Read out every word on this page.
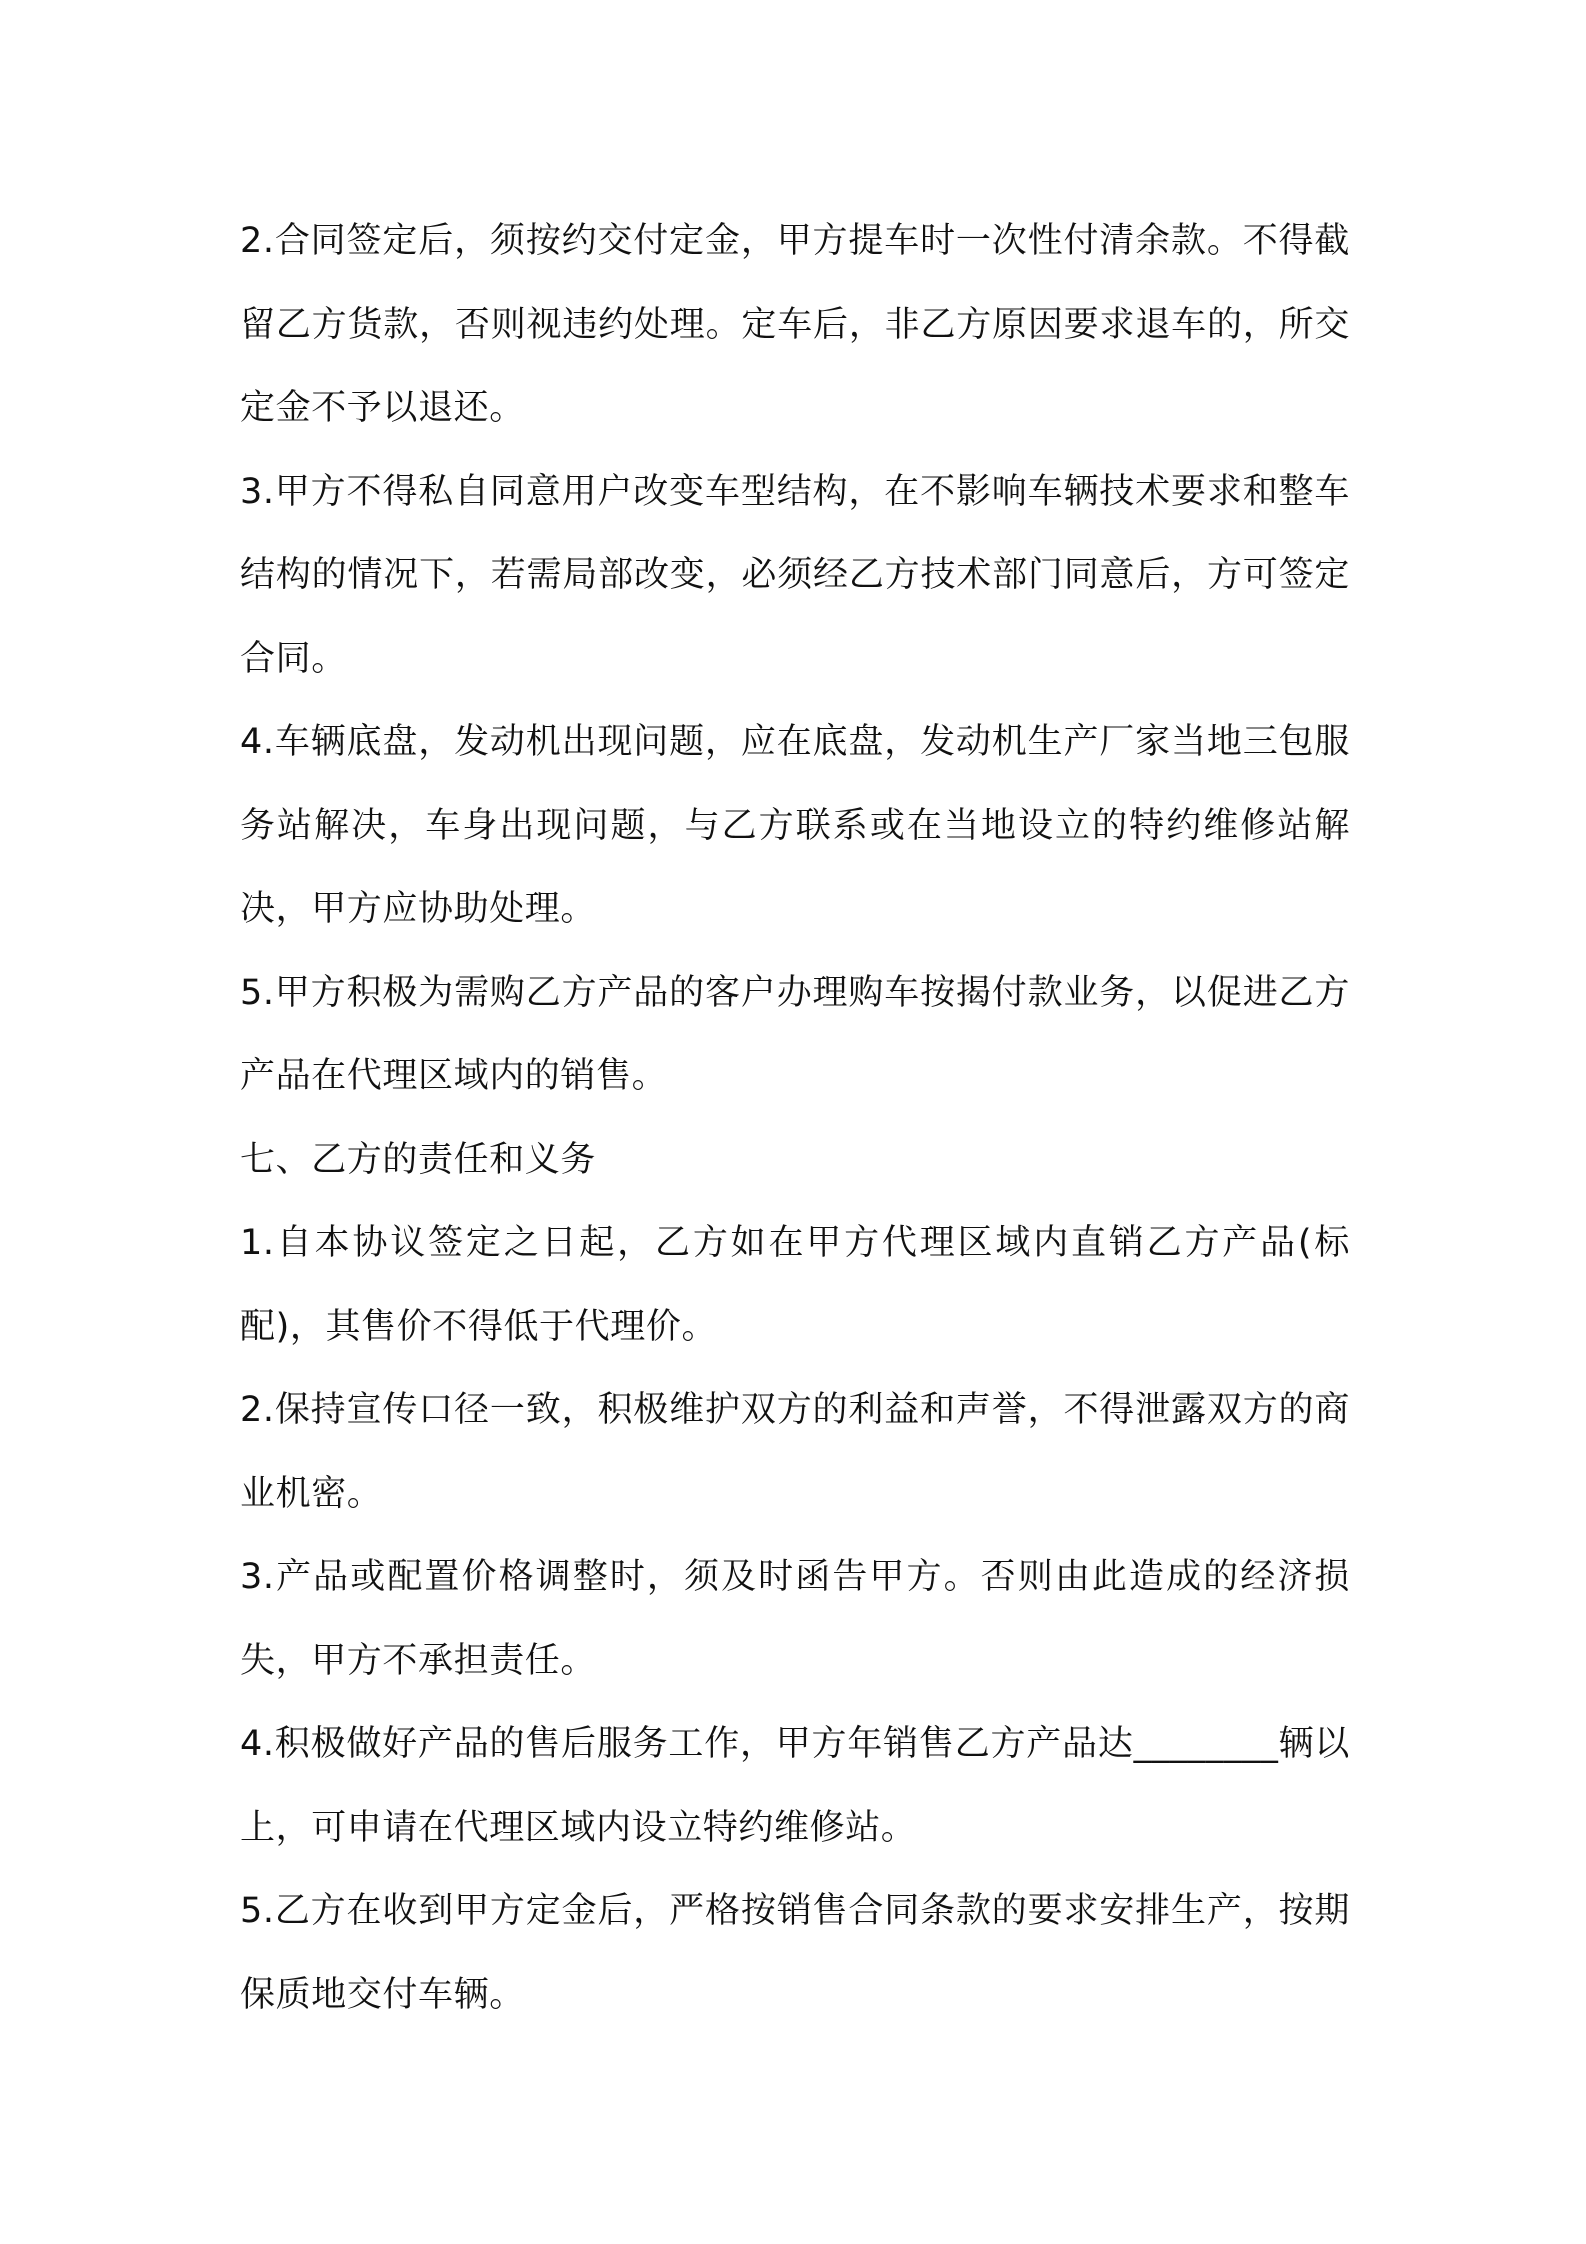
2.合同签定后，须按约交付定金，甲方提车时一次性付清余款。不得截留乙方货款，否则视违约处理。定车后，非乙方原因要求退车的，所交定金不予以退还。

3.甲方不得私自同意用户改变车型结构，在不影响车辆技术要求和整车结构的情况下，若需局部改变，必须经乙方技术部门同意后，方可签定合同。

4.车辆底盘，发动机出现问题，应在底盘，发动机生产厂家当地三包服务站解决，车身出现问题，与乙方联系或在当地设立的特约维修站解决，甲方应协助处理。

5.甲方积极为需购乙方产品的客户办理购车按揭付款业务，以促进乙方产品在代理区域内的销售。

七、乙方的责任和义务

1.自本协议签定之日起，乙方如在甲方代理区域内直销乙方产品(标配)，其售价不得低于代理价。

2.保持宣传口径一致，积极维护双方的利益和声誉，不得泄露双方的商业机密。

3.产品或配置价格调整时，须及时函告甲方。否则由此造成的经济损失，甲方不承担责任。

4.积极做好产品的售后服务工作，甲方年销售乙方产品达________辆以上，可申请在代理区域内设立特约维修站。

5.乙方在收到甲方定金后，严格按销售合同条款的要求安排生产，按期保质地交付车辆。
